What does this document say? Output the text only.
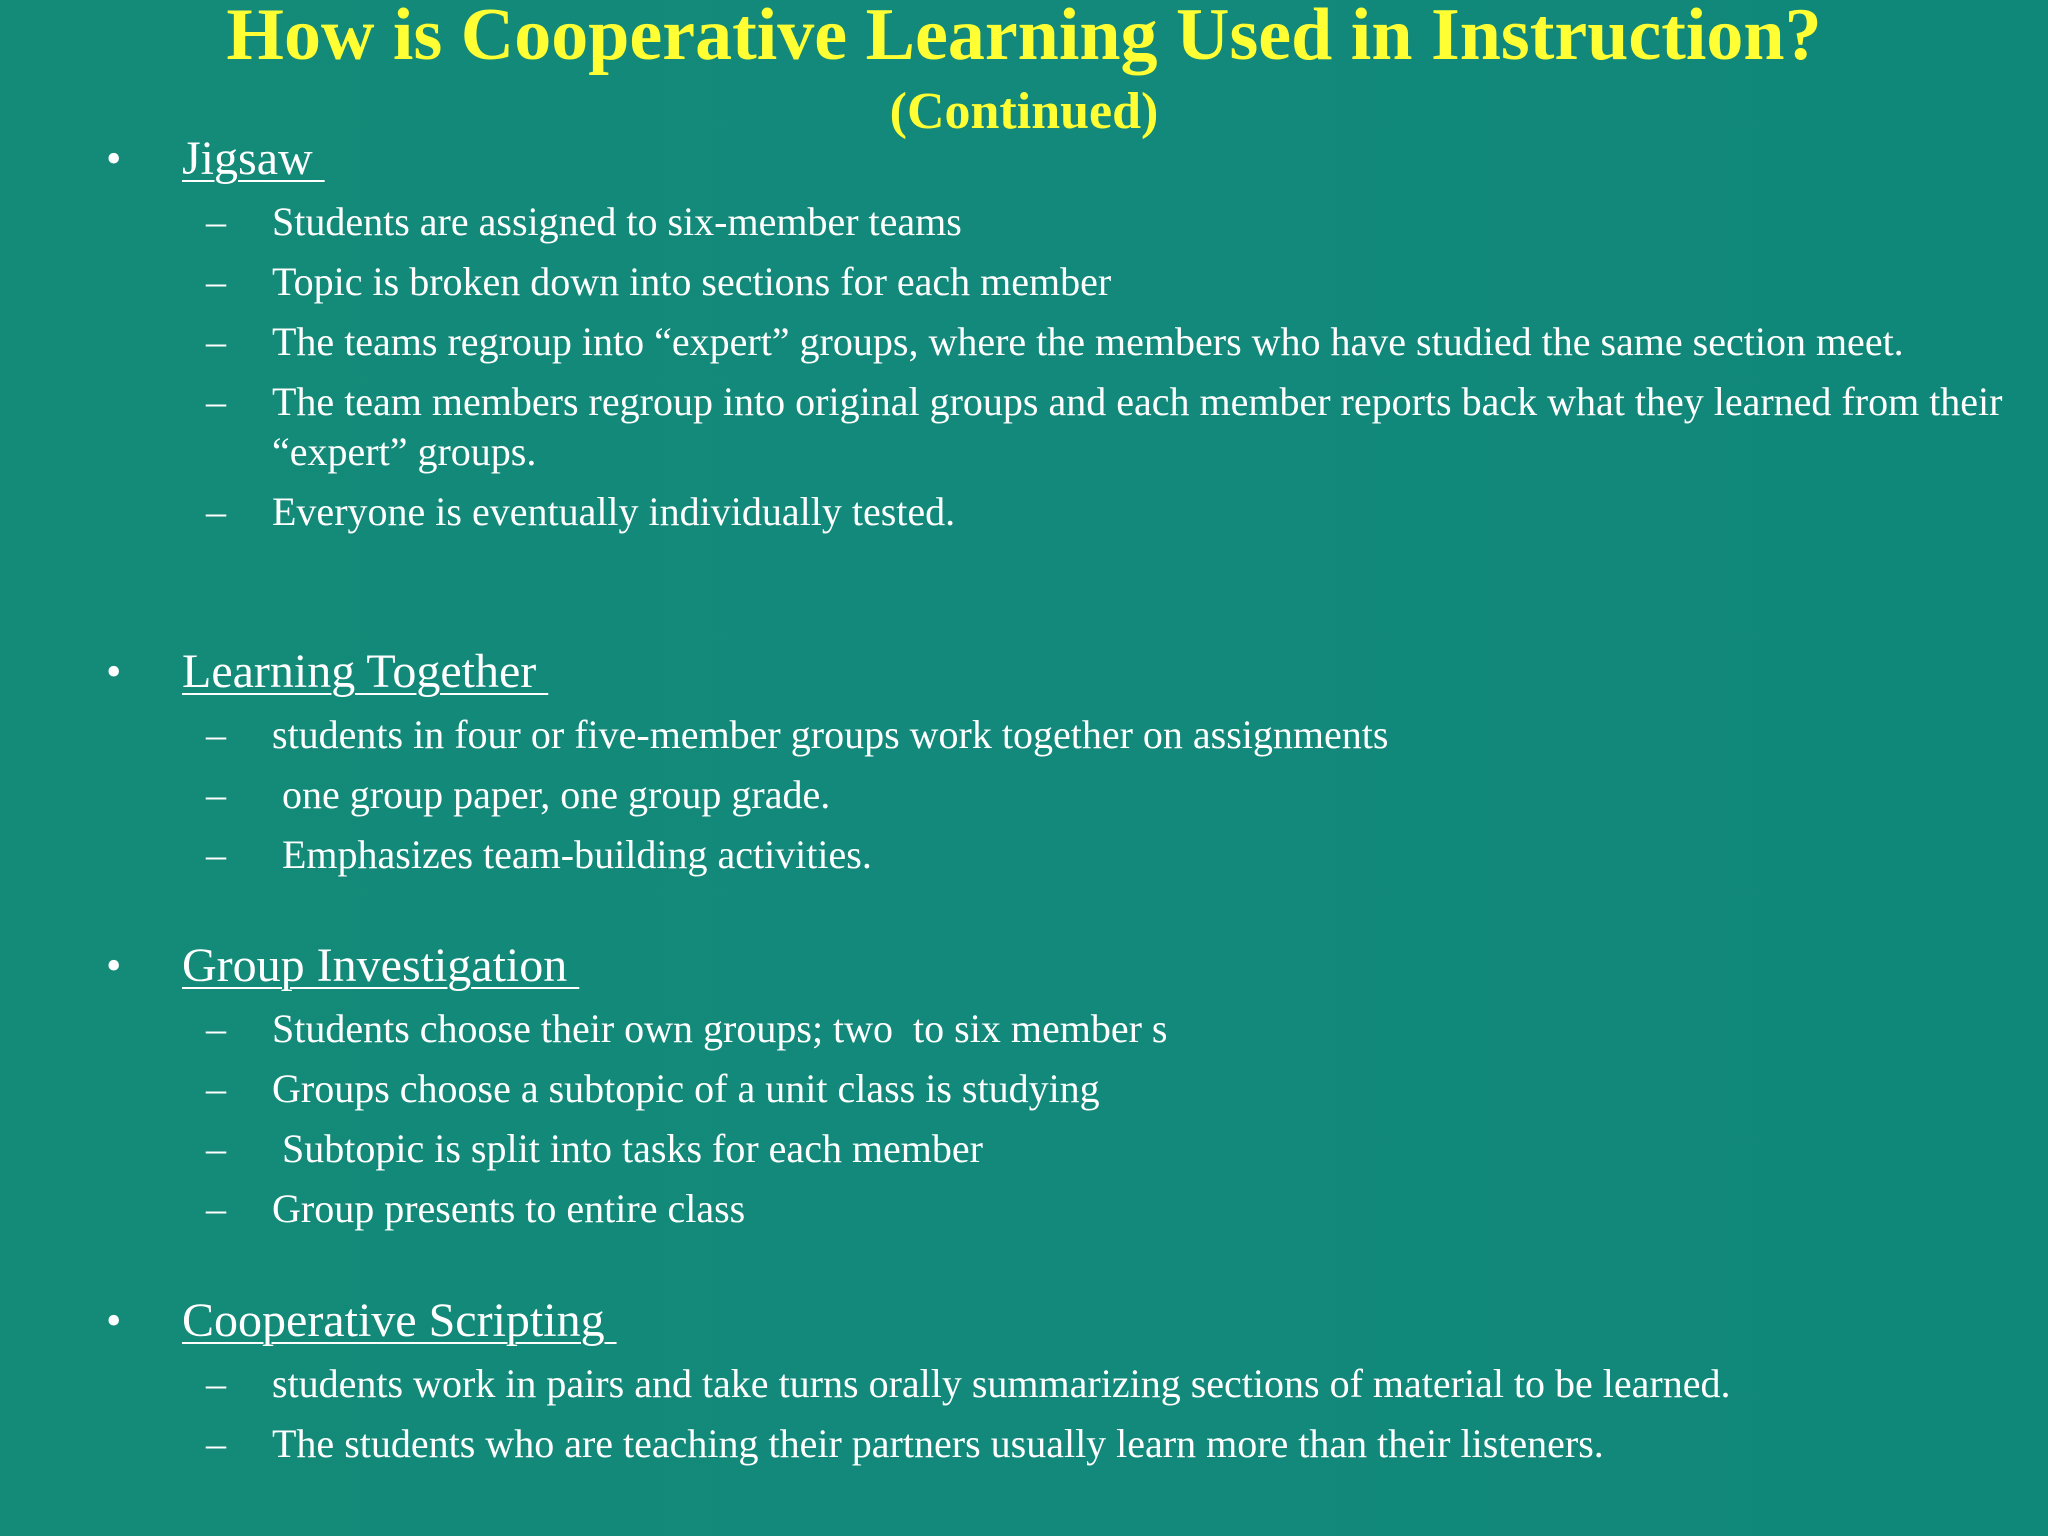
How is Cooperative Learning Used in Instruction?
(Continued)
• Jigsaw
– Students are assigned to six-member teams
– Topic is broken down into sections for each member
– The teams regroup into “expert” groups, where the members who have studied the same section meet.
– The team members regroup into original groups and each member reports back what they learned from their “expert” groups.
– Everyone is eventually individually tested.
• Learning Together
– students in four or five-member groups work together on assignments
– one group paper, one group grade.
– Emphasizes team-building activities.
• Group Investigation
– Students choose their own groups; two  to six member s
– Groups choose a subtopic of a unit class is studying
– Subtopic is split into tasks for each member
– Group presents to entire class
• Cooperative Scripting
– students work in pairs and take turns orally summarizing sections of material to be learned.
– The students who are teaching their partners usually learn more than their listeners.
